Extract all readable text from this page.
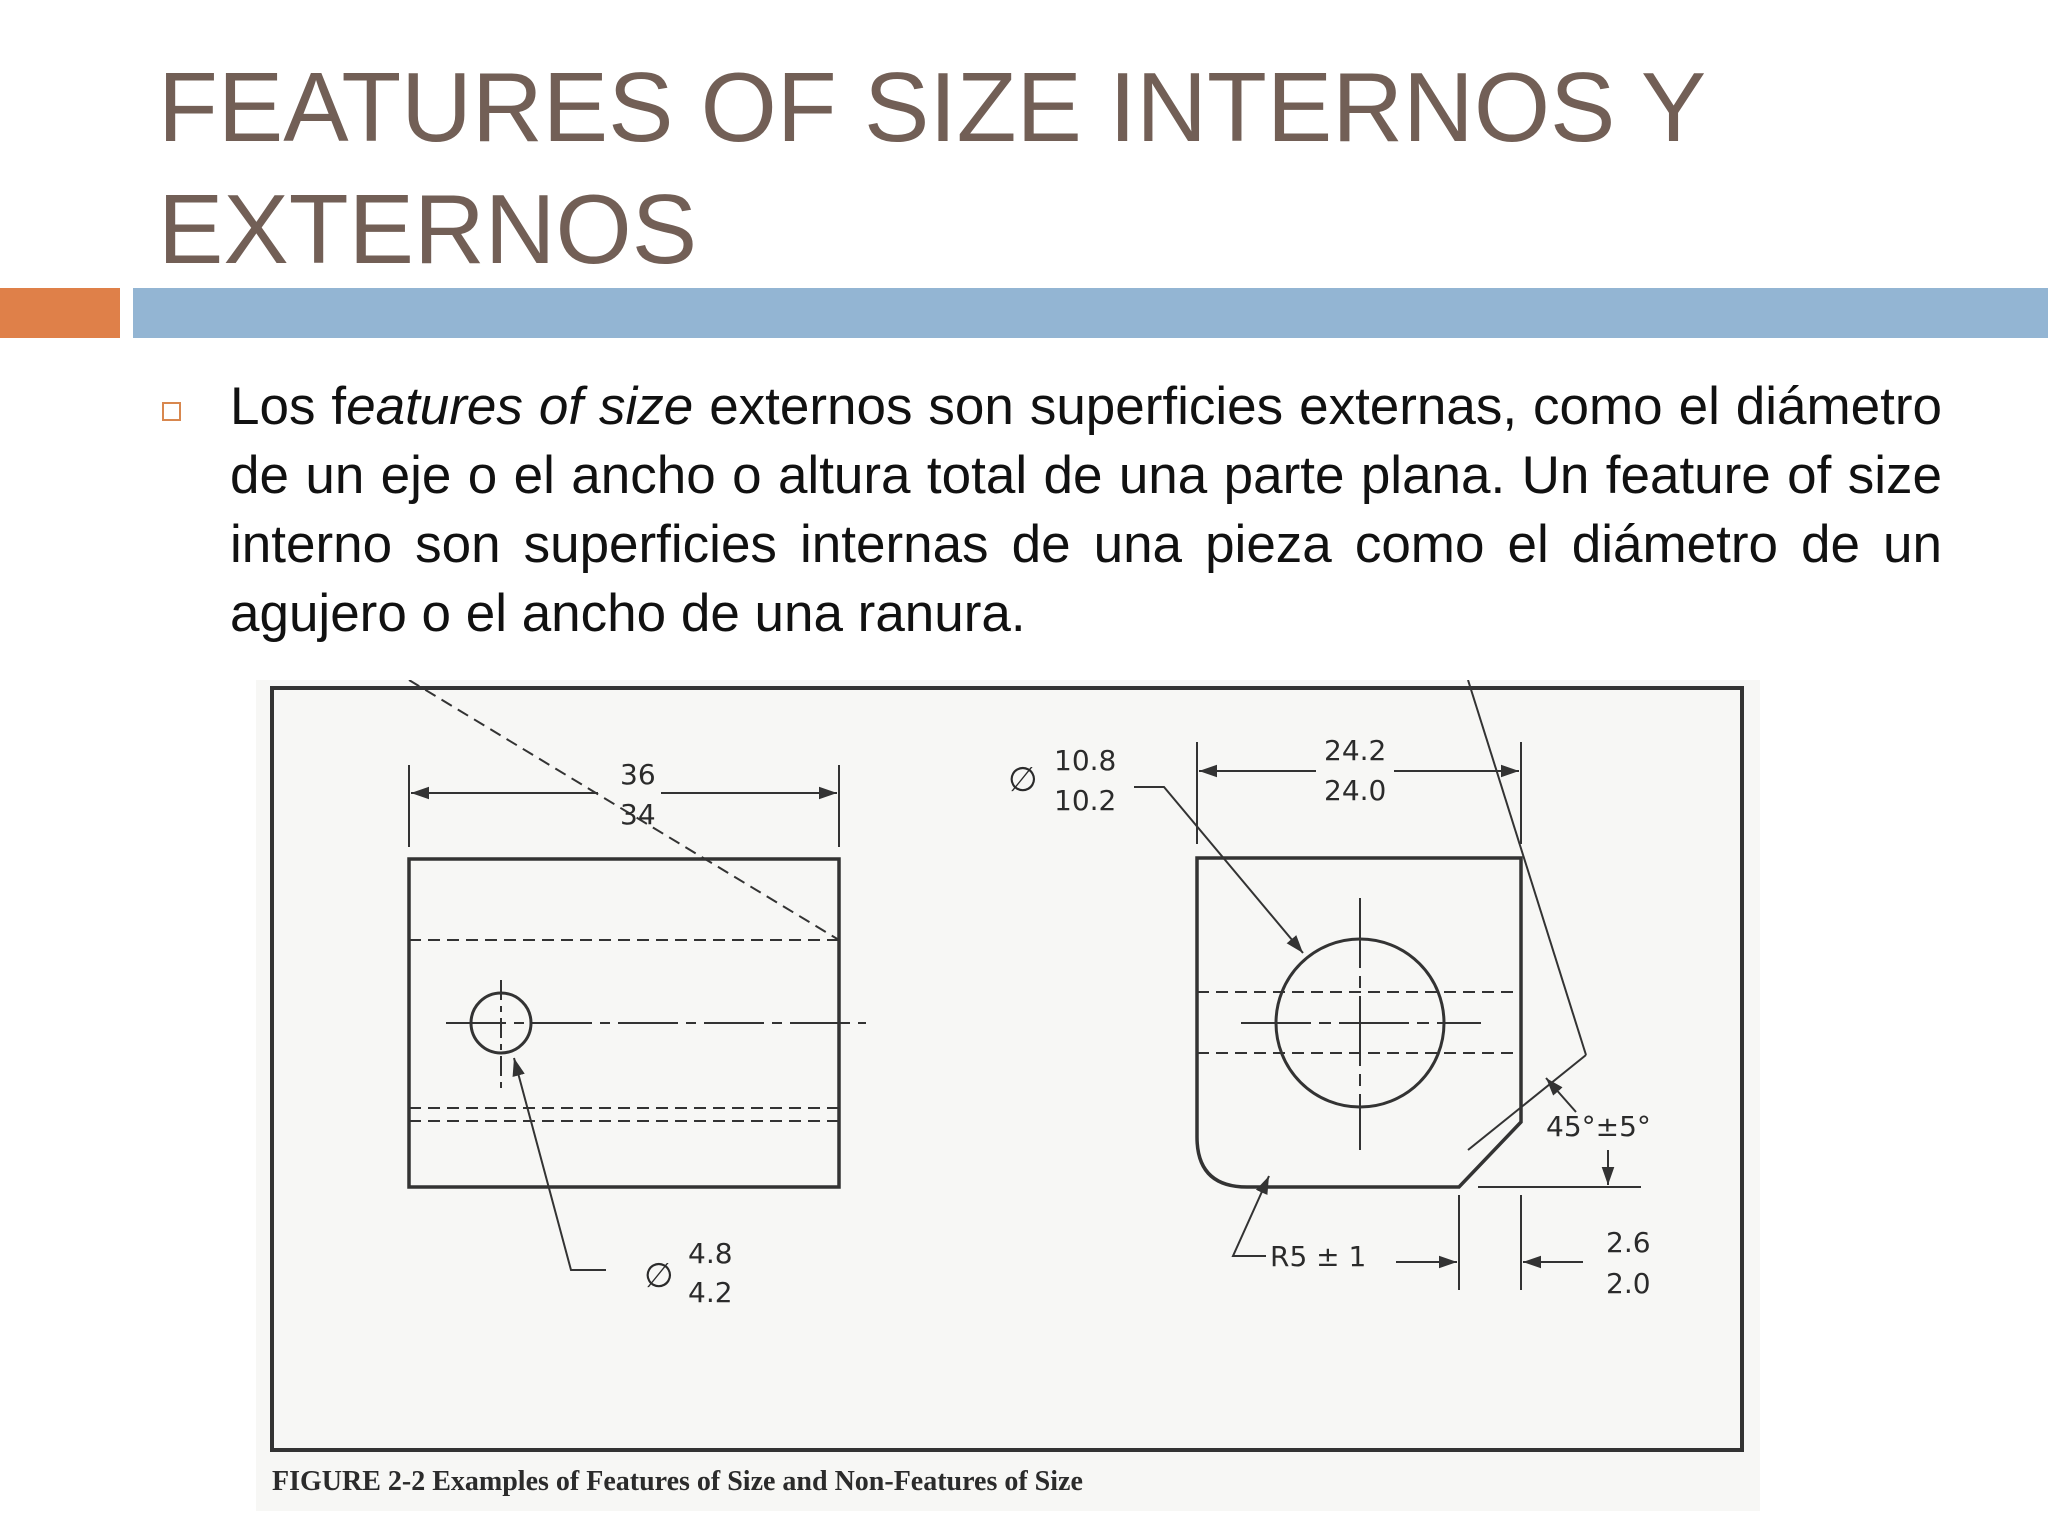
FEATURES OF SIZE INTERNOS Y EXTERNOS

Los features of size externos son superficies externas, como el diámetro de un eje o el ancho o altura total de una parte plana. Un feature of size interno son superficies internas de una pieza como el diámetro de un agujero o el ancho de una ranura.

36
34
∅
4.8
4.2
∅ 10.8
10.2
24.2
24.0
45°±5°
R5 ± 1	2.6
2.0
FIGURE 2-2 Examples of Features of Size and Non-Features of Size
